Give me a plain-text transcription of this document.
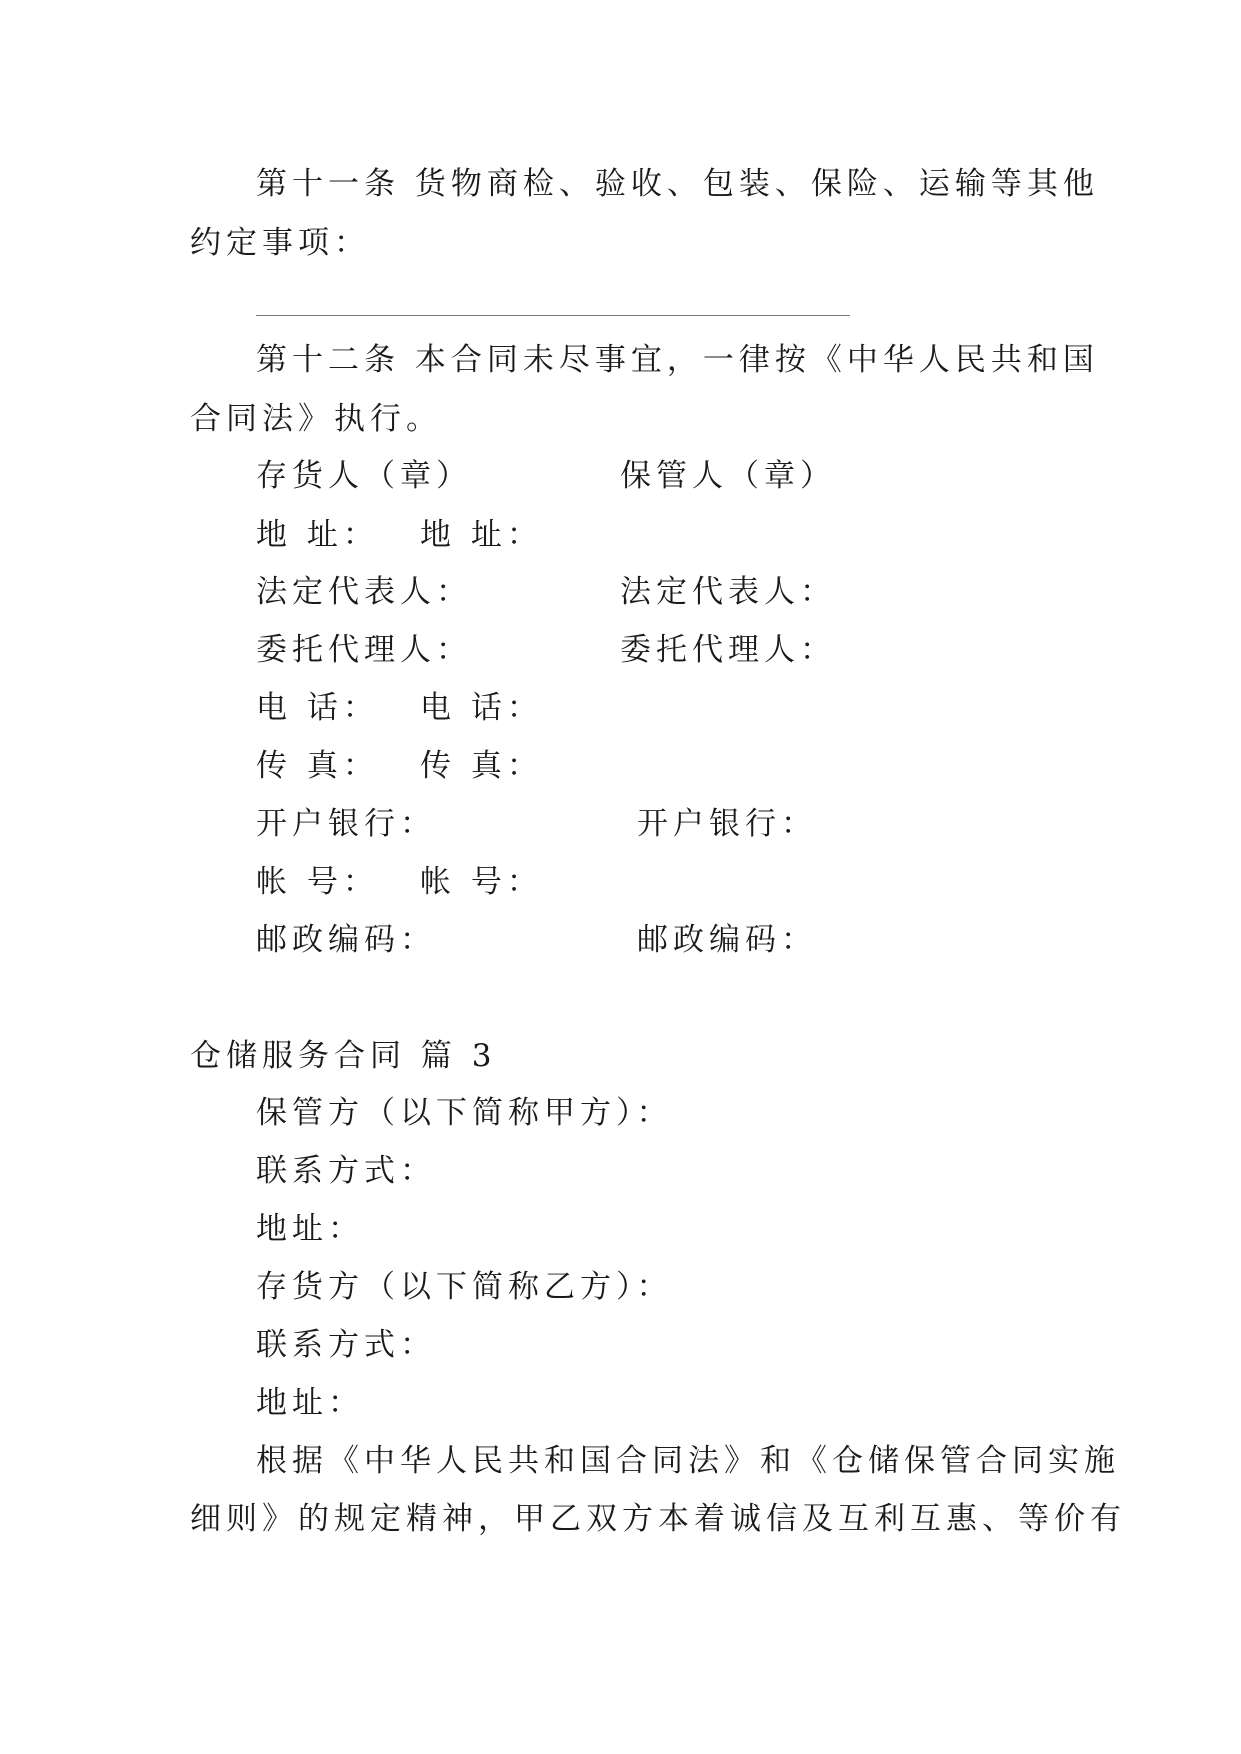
第十一条 货物商检、验收、包装、保险、运输等其他
约定事项：
第十二条 本合同未尽事宜，一律按《中华人民共和国
合同法》执行。
存货人（章）	保管人（章）
地 址： 地 址：
法定代表人：	法定代表人：
委托代理人：	委托代理人：
电 话： 电 话：
传 真： 传 真：
开户银行：	开户银行：
帐 号： 帐 号：
邮政编码：	邮政编码：
仓储服务合同 篇 3
保管方（以下简称甲方）：
联系方式：
地址：
存货方（以下简称乙方）：
联系方式：
地址：
根据《中华人民共和国合同法》和《仓储保管合同实施
细则》的规定精神，甲乙双方本着诚信及互利互惠、等价有
